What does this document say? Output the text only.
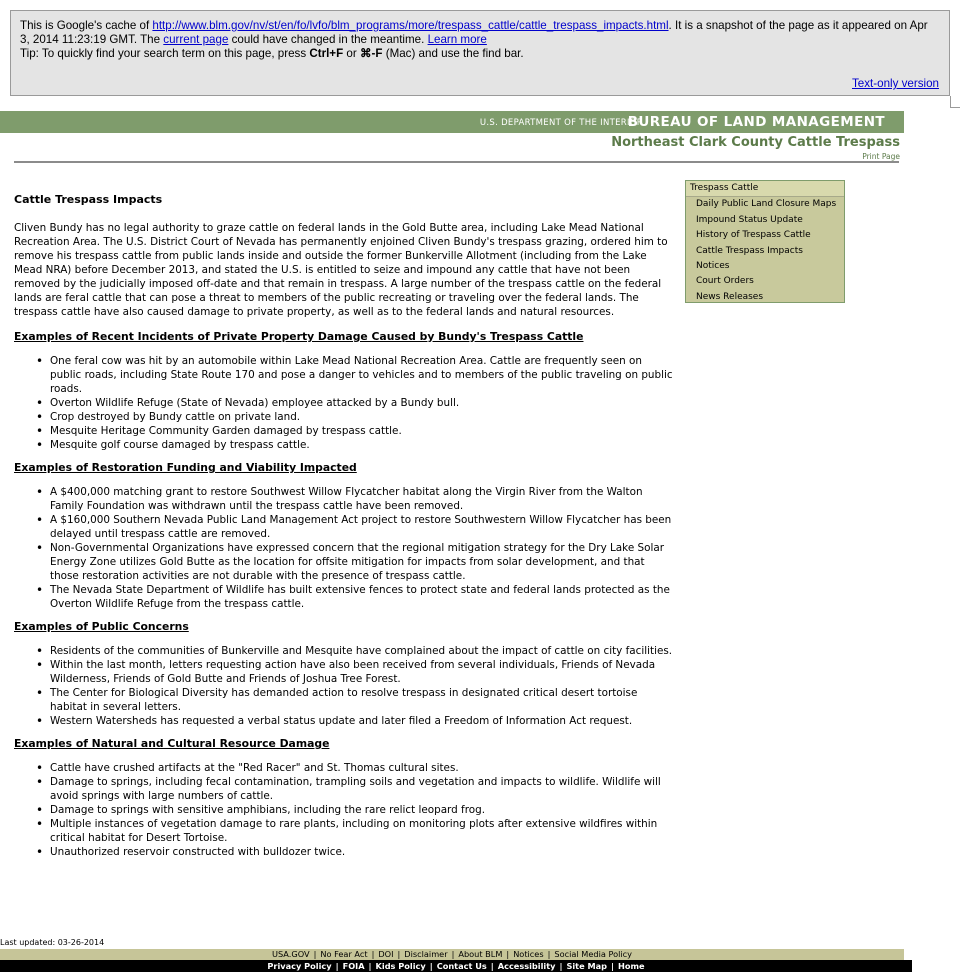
This is Google's cache of http://www.blm.gov/nv/st/en/fo/lvfo/blm_programs/more/trespass_cattle/cattle_trespass_impacts.html. It is a snapshot of the page as it appeared on Apr 3, 2014 11:23:19 GMT. The current page could have changed in the meantime. Learn more

Tip: To quickly find your search term on this page, press Ctrl+F or ⌘-F (Mac) and use the find bar.

Text-only version
U.S. DEPARTMENT OF THE INTERIOR
BUREAU OF LAND MANAGEMENT
Northeast Clark County Cattle Trespass
Print Page
Cattle Trespass Impacts

Cliven Bundy has no legal authority to graze cattle on federal lands in the Gold Butte area, including Lake Mead National Recreation Area. The U.S. District Court of Nevada has permanently enjoined Cliven Bundy's trespass grazing, ordered him to remove his trespass cattle from public lands inside and outside the former Bunkerville Allotment (including from the Lake Mead NRA) before December 2013, and stated the U.S. is entitled to seize and impound any cattle that have not been removed by the judicially imposed off-date and that remain in trespass. A large number of the trespass cattle on the federal lands are feral cattle that can pose a threat to members of the public recreating or traveling over the federal lands. The trespass cattle have also caused damage to private property, as well as to the federal lands and natural resources.

Examples of Recent Incidents of Private Property Damage Caused by Bundy's Trespass Cattle
• One feral cow was hit by an automobile within Lake Mead National Recreation Area. Cattle are frequently seen on public roads, including State Route 170 and pose a danger to vehicles and to members of the public traveling on public roads.
• Overton Wildlife Refuge (State of Nevada) employee attacked by a Bundy bull.
• Crop destroyed by Bundy cattle on private land.
• Mesquite Heritage Community Garden damaged by trespass cattle.
• Mesquite golf course damaged by trespass cattle.
Examples of Restoration Funding and Viability Impacted
• A $400,000 matching grant to restore Southwest Willow Flycatcher habitat along the Virgin River from the Walton Family Foundation was withdrawn until the trespass cattle have been removed.
• A $160,000 Southern Nevada Public Land Management Act project to restore Southwestern Willow Flycatcher has been delayed until trespass cattle are removed.
• Non-Governmental Organizations have expressed concern that the regional mitigation strategy for the Dry Lake Solar Energy Zone utilizes Gold Butte as the location for offsite mitigation for impacts from solar development, and that those restoration activities are not durable with the presence of trespass cattle.
• The Nevada State Department of Wildlife has built extensive fences to protect state and federal lands protected as the Overton Wildlife Refuge from the trespass cattle.
Examples of Public Concerns
• Residents of the communities of Bunkerville and Mesquite have complained about the impact of cattle on city facilities.
• Within the last month, letters requesting action have also been received from several individuals, Friends of Nevada Wilderness, Friends of Gold Butte and Friends of Joshua Tree Forest.
• The Center for Biological Diversity has demanded action to resolve trespass in designated critical desert tortoise habitat in several letters.
• Western Watersheds has requested a verbal status update and later filed a Freedom of Information Act request.
Examples of Natural and Cultural Resource Damage
• Cattle have crushed artifacts at the "Red Racer" and St. Thomas cultural sites.
• Damage to springs, including fecal contamination, trampling soils and vegetation and impacts to wildlife. Wildlife will avoid springs with large numbers of cattle.
• Damage to springs with sensitive amphibians, including the rare relict leopard frog.
• Multiple instances of vegetation damage to rare plants, including on monitoring plots after extensive wildfires within critical habitat for Desert Tortoise.
• Unauthorized reservoir constructed with bulldozer twice.
Trespass Cattle
Daily Public Land Closure Maps
Impound Status Update
History of Trespass Cattle
Cattle Trespass Impacts
Notices
Court Orders
News Releases
Last updated: 03-26-2014
USA.GOV | No Fear Act | DOI | Disclaimer | About BLM | Notices | Social Media Policy
Privacy Policy | FOIA | Kids Policy | Contact Us | Accessibility | Site Map | Home
